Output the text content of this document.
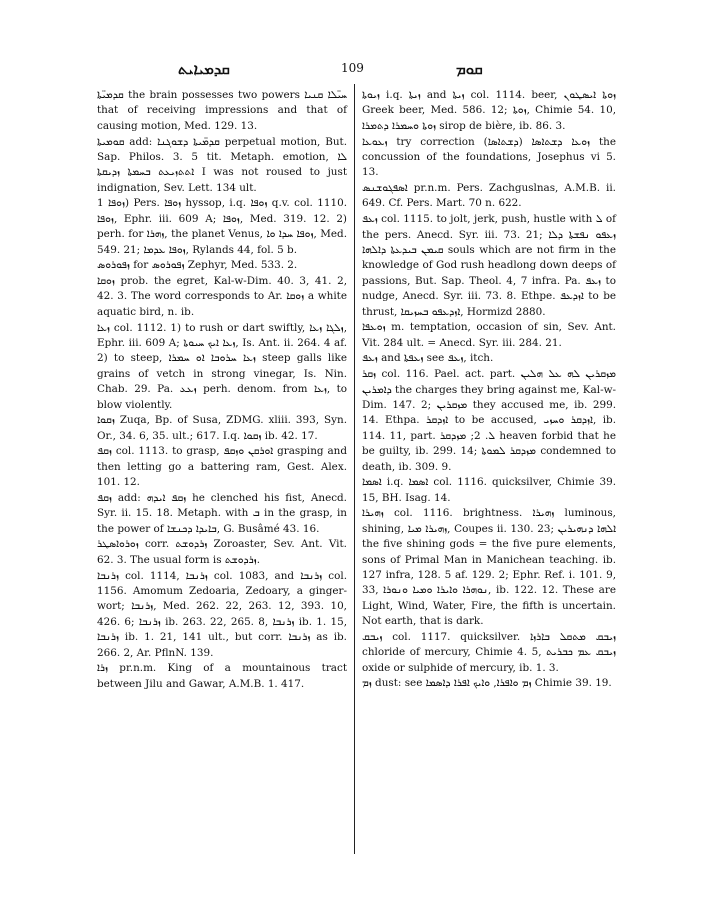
ܩܕܡܝܐܝܬ	109	ܩܘܡ

ܩܕܡܝ̈ܬܐ the brain possesses two powers ܚܝ̈ܠܐ ܩܢܝܐ that of receiving impressions and that of causing motion, Med. 129. 13.

ܩܘܡܝܬܐ add: ܩܕܡ̈ܝܬܐ ܕܫܘܓܢܐ perpetual motion, But. Sap. Philos. 3. 5 tit. Metaph. emotion, ܠܐ ܐܬܬܙܝܥܬ ܒܚܡܬܐ ܙܕܝܩܬܐ I was not roused to just indignation, Sev. Lett. 134 ult.

ܙܘܦܐ 1) Pers. ܙܘܦܐ hyssop, i.q. ܙܘܦܐ q.v. col. 1110. ܙܘܦܐ, Ephr. iii. 609 A; ܙܘܦܐ, Med. 319. 12. 2) perh. for ܙܗܪܐ, the planet Venus, ܙܘܦܐ ܚܕܐ ܘܐ, Med. 549. 21; ܙܘܦܐ ܥܕܡܐ, Rylands 44, fol. 5 b.

ܙܦܘܪܘܣ for ܙܦܘܪܘܣ Zephyr, Med. 533. 2.

ܙܘܩܐ prob. the egret, Kal-w-Dim. 40. 3, 41. 2, 42. 3. The word corresponds to Ar. ܙܘܩܐ a white aquatic bird, n. ib.

ܙܥܐ col. 1112. 1) to rush or dart swiftly, ܙܠܓܐ ܙܥܐ, Ephr. iii. 609 A; ܙܥܐ ܐܝܟ ܚܝܘܬܐ, Is. Ant. ii. 264. 4 af. 2) to steep, ܙܥܐ ܚܪܘܒܐ ܐܘ ܚܡܪܐ steep galls like grains of vetch in strong vinegar, Is. Nin. Chab. 29. Pa. ܙܥܥ perh. denom. from ܙܥܐ, to blow violently.

ܙܩܘܐ Zuqa, Bp. of Susa, ZDMG. xliii. 393, Syn. Or., 34. 6, 35. ult.; 617. I.q. ܙܩܘܐ ib. 42. 17.

ܙܩܦ col. 1113. to grasp, ܐܘܪܩܢ ܘܙܩܦ grasping and then letting go a battering ram, Gest. Alex. 101. 12.

ܙܩܦ add: ܙܩܦ ܐܝܕܗ he clenched his fist, Anecd. Syr. ii. 15. 18. Metaph. with ܒ in the grasp, in the power of ܒܐܝܕܐ ܕܟܢܫܐ, G. Busâmé 43. 16.

ܙܘܪܘܐܣܛܪ corr. ܙܪܕܘܫܬ Zoroaster, Sev. Ant. Vit. 62. 3. The usual form is ܙܪܕܘܫܬ.

ܙܪܢܒܐ col. 1114, ܙܪܢܒܐ col. 1083, and ܙܪܢܒܐ col. 1156. Amomum Zedoaria, Zedoary, a ginger-wort; ܙܪܢܒܐ, Med. 262. 22, 263. 12, 393. 10, 426. 6; ܙܪܢܒܐ ib. 263. 22, 265. 8, ܙܪܢܒܐ ib. 1. 15, ܙܪܢܒܐ ib. 1. 21, 141 ult., but corr. ܙܪܢܒܐ as ib. 266. 2, Ar. PflnN. 139.

ܙܪܐ pr.n.m. King of a mountainous tract between Jilu and Gawar, A.M.B. 1. 417.

ܙܝܘܬܐ i.q. ܙܝܬܐ and ܙܝܬܐ col. 1114. beer, ܙܘܬܐ ܐܝܣܛܘܢ Greek beer, Med. 586. 12; ܙܘܬܐ, Chimie 54. 10, ܙܘܬܐ ܘܚܡܪܐ ܕܬܡܪܐ sirop de bière, ib. 86. 3.

ܙܥܘܥܐ try correction ܙܘܥܐ ܕܫܬܐܣܐ (ܕܫܬܐܣܐ) the concussion of the foundations, Josephus vi 5. 13.

ܐܣܦܓܘܫܢܣ pr.n.m. Pers. Zachguslnas, A.M.B. ii. 649. Cf. Pers. Mart. 70 n. 622.

ܙܥܦ col. 1115. to jolt, jerk, push, hustle with ܠ of the pers. Anecd. Syr. iii. 73. 21; ܙܥܦܘ ܢܦܫܬܐ ܕܠܐ ܩܝܡܢ ܒܝܕܥܬܐ ܕܐܠܗܐ souls which are not firm in the knowledge of God rush headlong down deeps of passions, But. Sap. Theol. 4, 7 infra. Pa. ܙܥܦ to nudge, Anecd. Syr. iii. 73. 8. Ethpe. ܐܙܕܥܦ to be thrust, ܐܙܕܥܦܘ ܒܚܙܝܩܐ, Hormizd 2880.

ܙܘܥܦܐ m. temptation, occasion of sin, Sev. Ant. Vit. 284 ult. = Anecd. Syr. iii. 284. 21.

ܙܥܦ and ܙܥܦܬܐ see ܙܥܦ, itch.

ܙܩܪ col. 116. Pael. act. part. ܡܙܩܪܝܢ ܠܗ ܥܠ ܗܠܝܢ ܕܐܡܪܝܢ the charges they bring against me, Kal-w-Dim. 147. 2; ܡܙܩܪܝܢ they accused me, ib. 299. 14. Ethpa. ܐܙܕܩܪ to be accused, ܐܙܕܩܪ ܘܚܙܝ, ib. 114. 11, part. ܠ. 2; ܡܙܕܩܪ heaven forbid that he be guilty, ib. 299. 14; ܡܙܕܩܪ ܠܡܘܬܐ condemned to death, ib. 309. 9.

ܐܣܡܐ i.q. ܐܣܡܐ col. 1116. quicksilver, Chimie 39. 15, BH. Isag. 14.

ܙܗܝܪܐ col. 1116. brightness. ܙܗܝܪܐ luminous, shining, ܙܗܝܪܐ ܡܝܐ, Coupes ii. 130. 23; ܐܠܗܐ ܕܢܗܝܪܝܢ the five shining gods = the five pure elements, sons of Primal Man in Manichean teaching. ib. 127 infra, 128. 5 af. 129. 2; Ephr. Ref. i. 101. 9, 33, ܢܘܗܪܐ ܘܐܝܪܐ ܘܡܝܐ ܘܢܘܪܐ, ib. 122. 12. These are Light, Wind, Water, Fire, the fifth is uncertain. Not earth, that is dark.

ܙܝܒܩ col. 1117. quicksilver. ܙܝܒܩ ܡܬܩܠ ܒܐܪܙܐ chloride of mercury, Chimie 4. 5, ܙܝܒܩ ܥܡ ܟܒܪܝܬ oxide or sulphide of mercury, ib. 1. 3.

ܙܡ dust: see ܙܡ ܘܐܦܪܐ, ܘܐܝܟ ܐܦܪܐ ܕܐܣܡܐ Chimie 39. 19.
